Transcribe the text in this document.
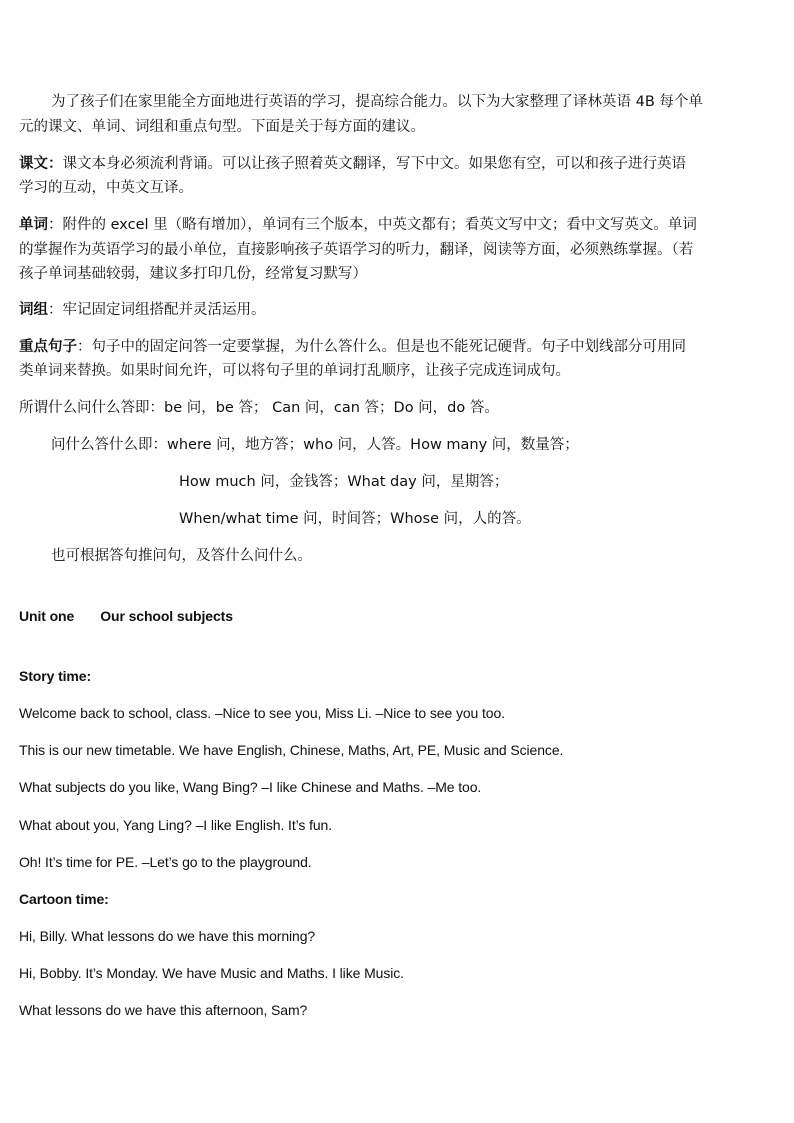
为了孩子们在家里能全方面地进行英语的学习，提高综合能力。以下为大家整理了译林英语 4B 每个单
元的课文、单词、词组和重点句型。下面是关于每方面的建议。
课文：课文本身必须流利背诵。可以让孩子照着英文翻译，写下中文。如果您有空，可以和孩子进行英语
学习的互动，中英文互译。
单词：附件的 excel 里（略有增加），单词有三个版本，中英文都有；看英文写中文；看中文写英文。单词
的掌握作为英语学习的最小单位，直接影响孩子英语学习的听力，翻译，阅读等方面，必须熟练掌握。（若
孩子单词基础较弱，建议多打印几份，经常复习默写）
词组：牢记固定词组搭配并灵活运用。
重点句子：句子中的固定问答一定要掌握，为什么答什么。但是也不能死记硬背。句子中划线部分可用同
类单词来替换。如果时间允许，可以将句子里的单词打乱顺序，让孩子完成连词成句。
所谓什么问什么答即：be 问，be 答； Can 问，can 答；Do 问，do 答。
问什么答什么即：where 问，地方答；who 问，人答。How many 问，数量答；
How much 问，金钱答；What day 问，星期答；
When/what time 问，时间答；Whose 问，人的答。
也可根据答句推问句，及答什么问什么。
Unit one Our school subjects
Story time:
Welcome back to school, class. –Nice to see you, Miss Li. –Nice to see you too.
This is our new timetable. We have English, Chinese, Maths, Art, PE, Music and Science.
What subjects do you like, Wang Bing? –I like Chinese and Maths. –Me too.
What about you, Yang Ling? –I like English. It’s fun.
Oh! It’s time for PE. –Let’s go to the playground.
Cartoon time:
Hi, Billy. What lessons do we have this morning?
Hi, Bobby. It’s Monday. We have Music and Maths. I like Music.
What lessons do we have this afternoon, Sam?
